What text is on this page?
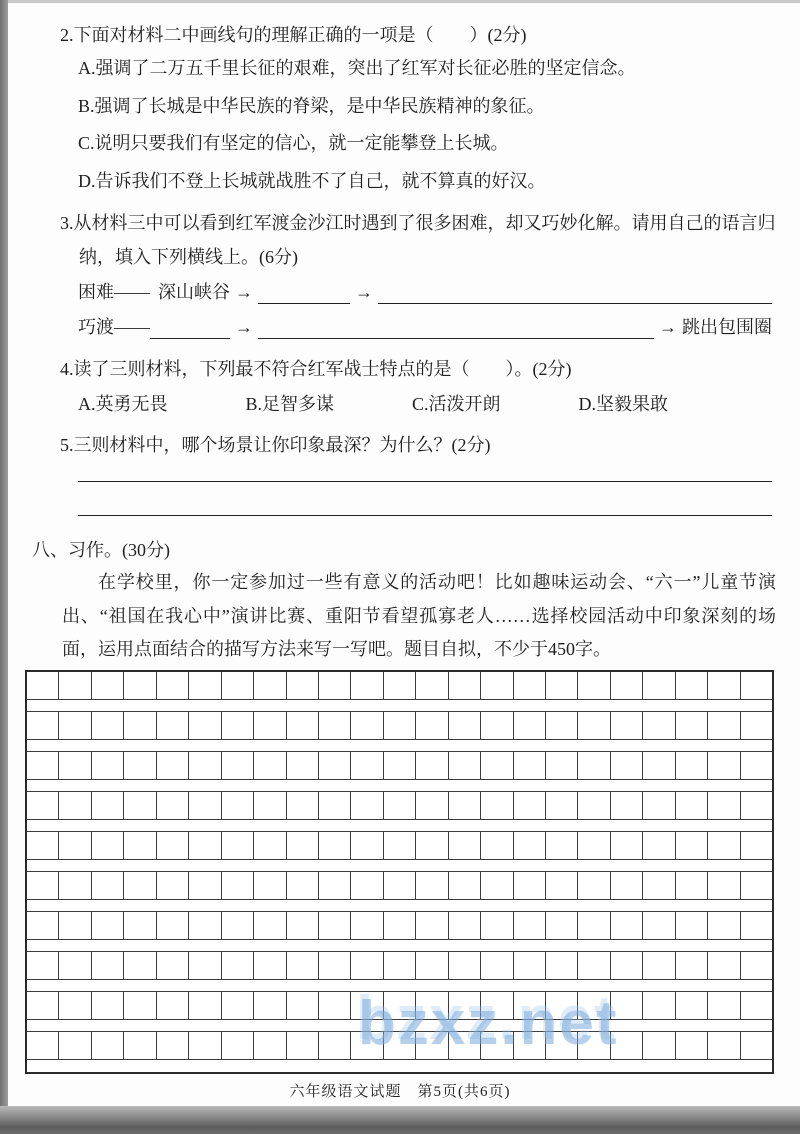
2.下面对材料二中画线句的理解正确的一项是（　　）(2分)
A.强调了二万五千里长征的艰难，突出了红军对长征必胜的坚定信念。
B.强调了长城是中华民族的脊梁，是中华民族精神的象征。
C.说明只要我们有坚定的信心，就一定能攀登上长城。
D.告诉我们不登上长城就战胜不了自己，就不算真的好汉。
3.从材料三中可以看到红军渡金沙江时遇到了很多困难，却又巧妙化解。请用自己的语言归纳，填入下列横线上。(6分)
困难—— 深山峡谷 →	→
巧渡——	→	→ 跳出包围圈
4.读了三则材料，下列最不符合红军战士特点的是（　　）。(2分)
A.英勇无畏	B.足智多谋	C.活泼开朗	D.坚毅果敢
5.三则材料中，哪个场景让你印象最深？为什么？(2分)
八、习作。(30分)
在学校里，你一定参加过一些有意义的活动吧！比如趣味运动会、“六一”儿童节演出、“祖国在我心中”演讲比赛、重阳节看望孤寡老人……选择校园活动中印象深刻的场面，运用点面结合的描写方法来写一写吧。题目自拟，不少于450字。
bzxz.net
六年级语文试题　第5页(共6页)
